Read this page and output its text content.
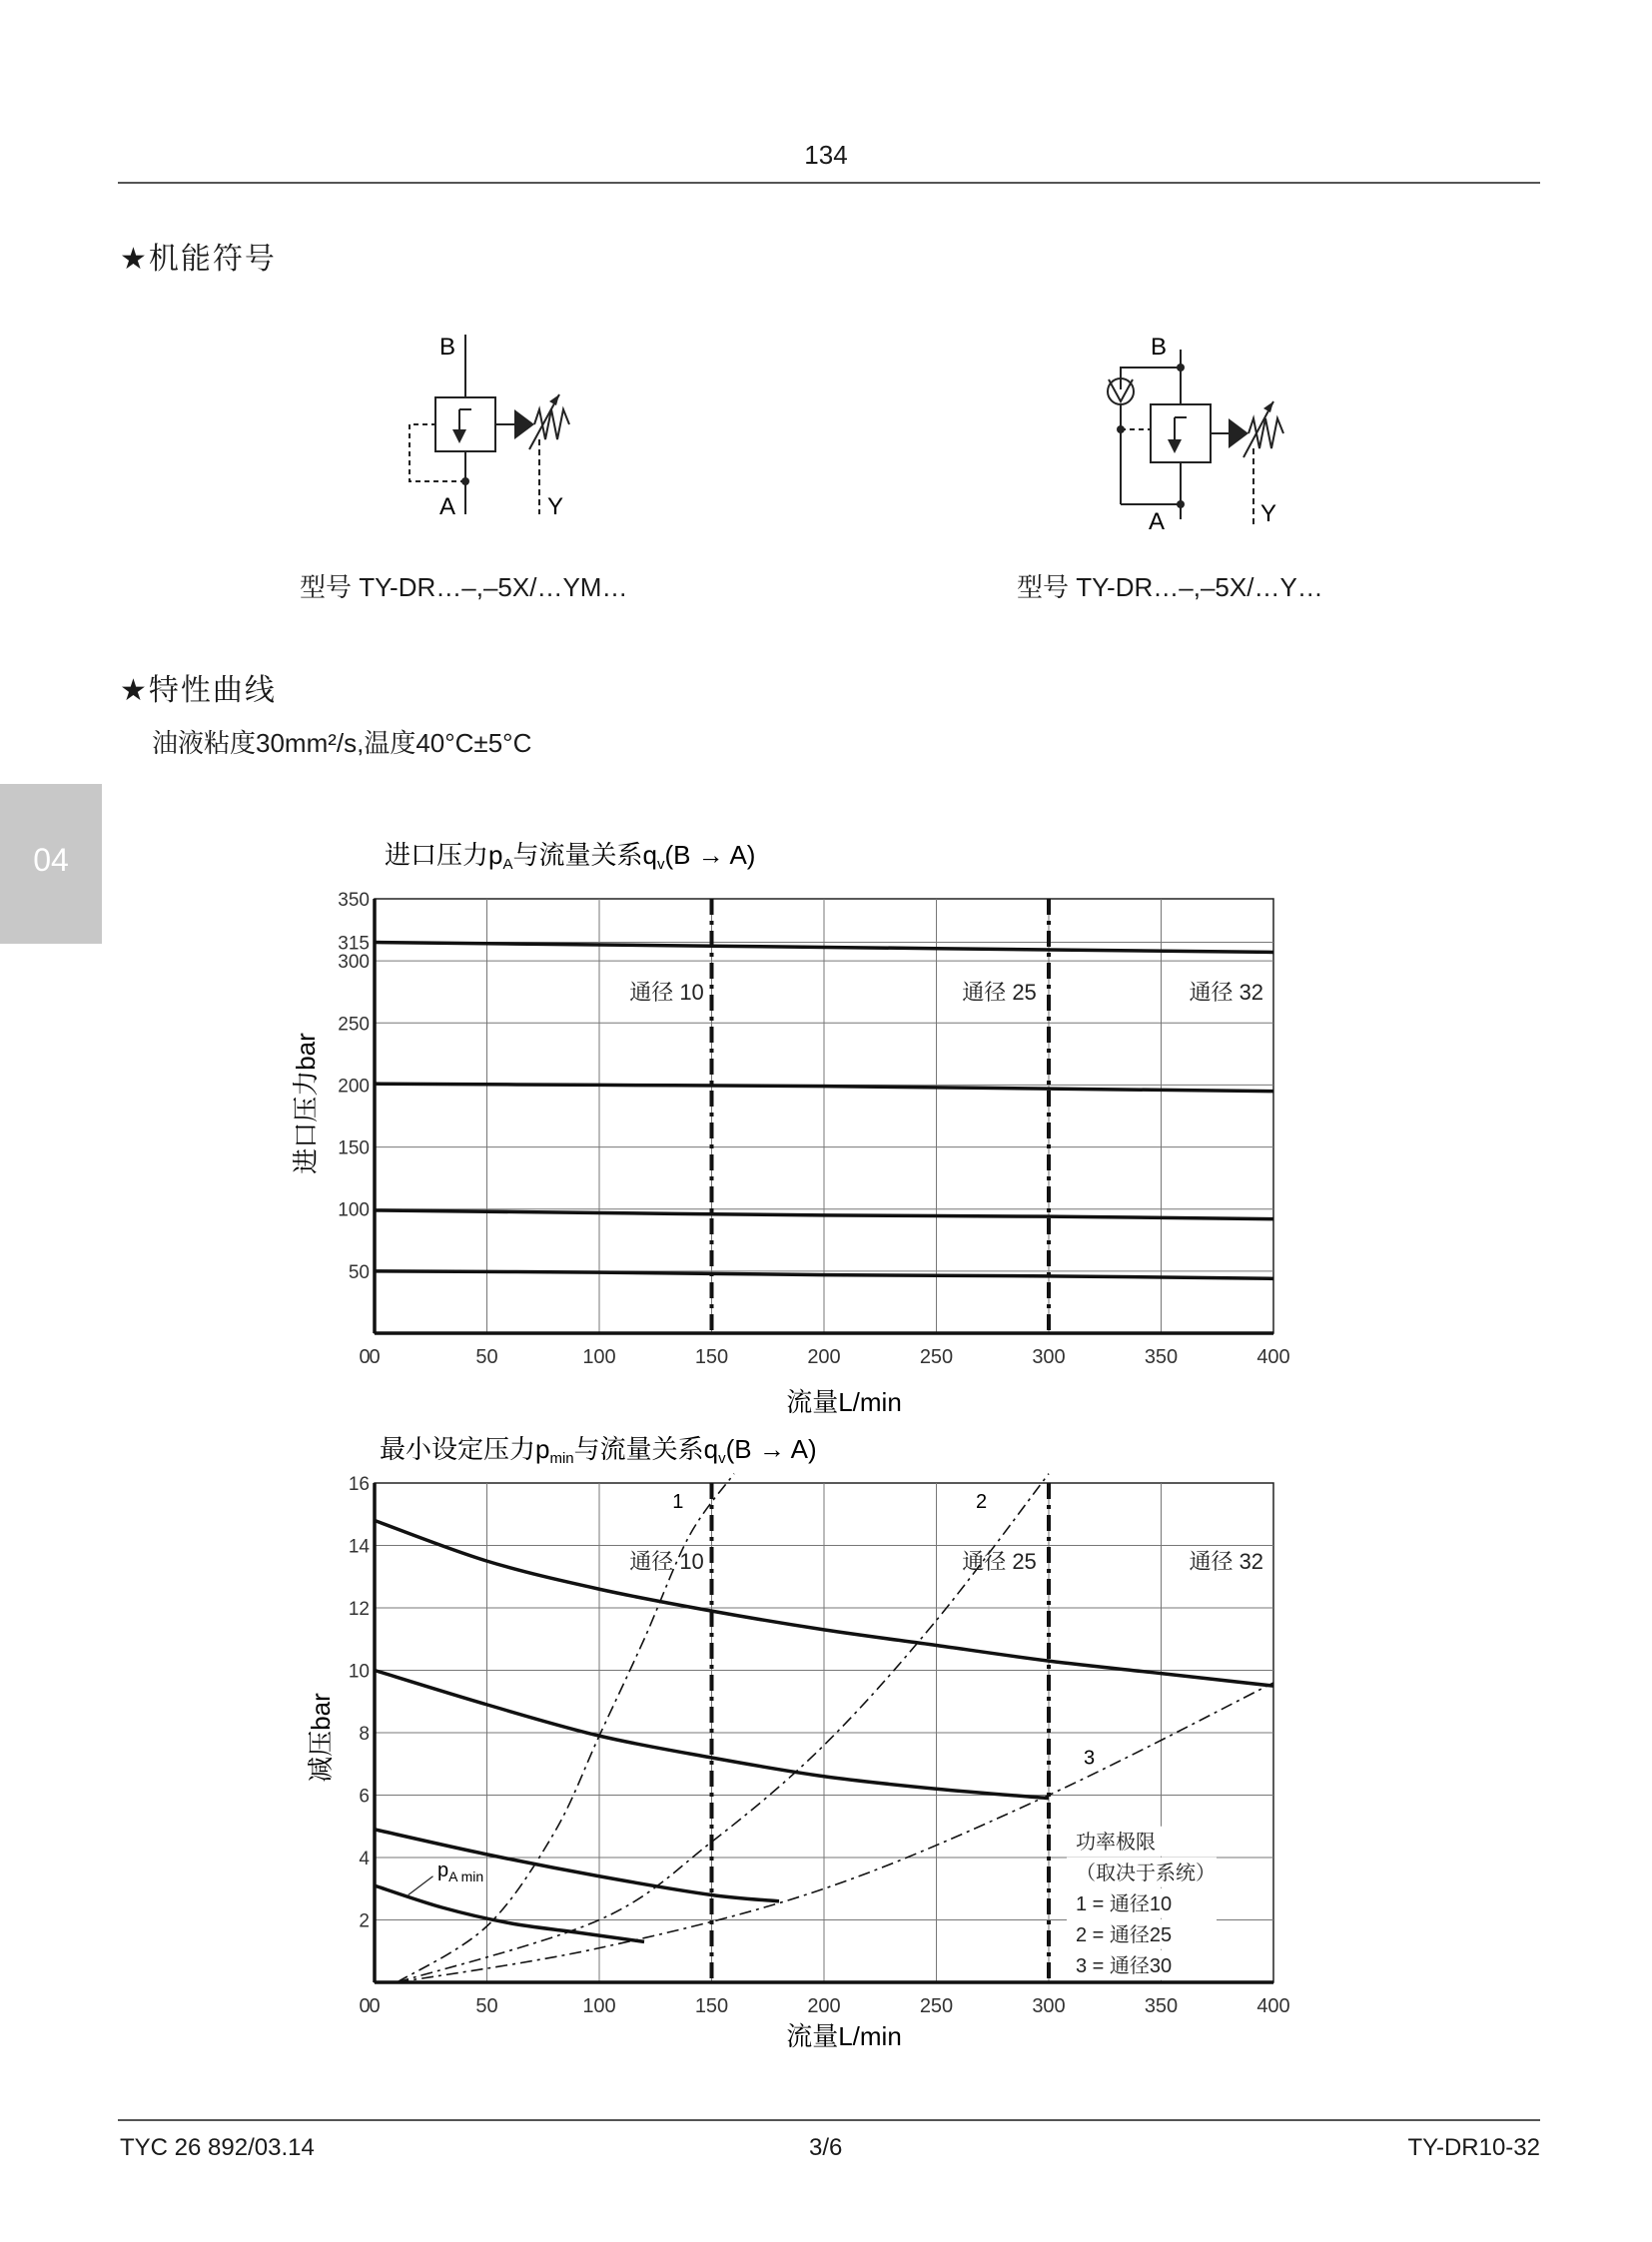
134
★机能符号
B
A	Y
型号 TY-DR…–,–5X/…YM…
B
A	Y
型号 TY-DR…–,–5X/…Y…
★特性曲线
油液粘度30mm²/s,温度40°C±5°C
04	进口压力pA与流量关系qv(B → A)
0	50	100	150	200	250	300	350	400
50
100
150
200
250
300
315
350
0
通径 10	通径 25	通径 32
进口压力bar
流量L/min
最小设定压力pmin与流量关系qv(B → A)
0	50	100	150	200	250	300	350	400
2
4
6
8
10
12
14
16
0
通径 10	通径 25	通径 32
1	2
3
减压bar
流量L/min
$p_{A min}$
功率极限
（取决于系统）
1 = 通径10
2 = 通径25
3 = 通径30
TYC 26 892/03.14	3/6	TY-DR10-32
